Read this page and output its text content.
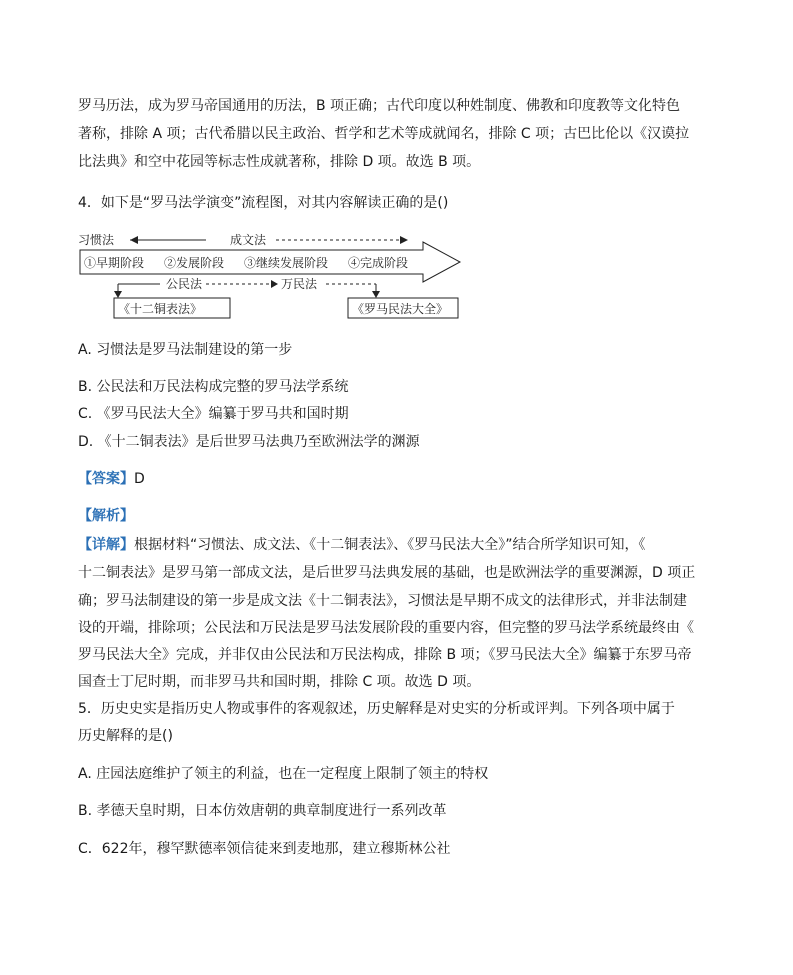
罗马历法，成为罗马帝国通用的历法，B 项正确；古代印度以种姓制度、佛教和印度教等文化特色

著称，排除 A 项；古代希腊以民主政治、哲学和艺术等成就闻名，排除 C 项；古巴比伦以《汉谟拉

比法典》和空中花园等标志性成就著称，排除 D 项。故选 B 项。

4．如下是“罗马法学演变”流程图，对其内容解读正确的是()

习惯法	成文法
①早期阶段 ②发展阶段 ③继续发展阶段 ④完成阶段
公民法	万民法
《十二铜表法》	《罗马民法大全》

A. 习惯法是罗马法制建设的第一步

B. 公民法和万民法构成完整的罗马法学系统

C. 《罗马民法大全》编纂于罗马共和国时期

D. 《十二铜表法》是后世罗马法典乃至欧洲法学的渊源

【答案】D

【解析】

【详解】根据材料“习惯法、成文法、《十二铜表法》、《罗马民法大全》”结合所学知识可知，《

十二铜表法》是罗马第一部成文法，是后世罗马法典发展的基础，也是欧洲法学的重要渊源，D 项正

确；罗马法制建设的第一步是成文法《十二铜表法》，习惯法是早期不成文的法律形式，并非法制建

设的开端，排除项；公民法和万民法是罗马法发展阶段的重要内容，但完整的罗马法学系统最终由《

罗马民法大全》完成，并非仅由公民法和万民法构成，排除 B 项；《罗马民法大全》编纂于东罗马帝

国查士丁尼时期，而非罗马共和国时期，排除 C 项。故选 D 项。

5．历史史实是指历史人物或事件的客观叙述，历史解释是对史实的分析或评判。下列各项中属于

历史解释的是()

A. 庄园法庭维护了领主的利益，也在一定程度上限制了领主的特权

B. 孝德天皇时期，日本仿效唐朝的典章制度进行一系列改革

C．622年，穆罕默德率领信徒来到麦地那，建立穆斯林公社
